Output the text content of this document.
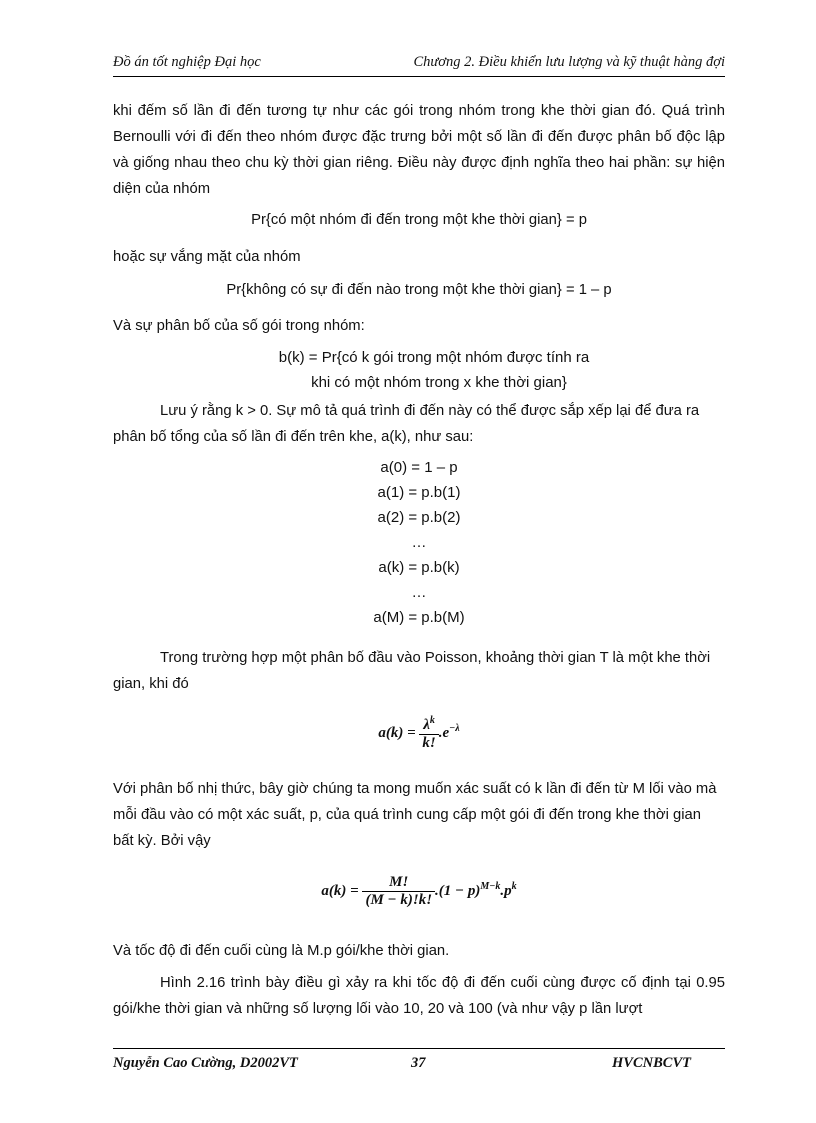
Đồ án tốt nghiệp Đại học	Chương 2. Điều khiển lưu lượng và kỹ thuật hàng đợi
khi đếm số lần đi đến tương tự như các gói trong nhóm trong khe thời gian đó. Quá trình Bernoulli với đi đến theo nhóm được đặc trưng bởi một số lần đi đến được phân bố độc lập và giống nhau theo chu kỳ thời gian riêng. Điều này được định nghĩa theo hai phần: sự hiện diện của nhóm
Pr{có một nhóm đi đến trong một khe thời gian} = p
hoặc sự vắng mặt của nhóm
Pr{không có sự đi đến nào trong một khe thời gian} = 1 – p
Và sự phân bố của số gói trong nhóm:
b(k) = Pr{có k gói trong một nhóm được tính ra
khi có một nhóm trong x khe thời gian}
Lưu ý rằng k > 0. Sự mô tả quá trình đi đến này có thể được sắp xếp lại để đưa ra phân bố tổng của số lần đi đến trên khe, a(k), như sau:
a(0) = 1 – p
a(1) = p.b(1)
a(2) = p.b(2)
…
a(k) = p.b(k)
…
a(M) = p.b(M)
Trong trường hợp một phân bố đầu vào Poisson, khoảng thời gian T là một khe thời gian, khi đó
$a(k) = \frac{\lambda^k}{k!} .e^{-\lambda}$
Với phân bố nhị thức, bây giờ chúng ta mong muốn xác suất có k lần đi đến từ M lối vào mà mỗi đầu vào có một xác suất, p, của quá trình cung cấp một gói đi đến trong khe thời gian bất kỳ. Bởi vậy
$a(k) = \frac{M!}{(M - k)!k!} .(1 - p)^{M-k}.p^k$
Và tốc độ đi đến cuối cùng là M.p gói/khe thời gian.
Hình 2.16 trình bày điều gì xảy ra khi tốc độ đi đến cuối cùng được cố định tại 0.95 gói/khe thời gian và những số lượng lối vào 10, 20 và 100 (và như vậy p lần lượt
Nguyễn Cao Cường, D2002VT	37	HVCNBCVT
